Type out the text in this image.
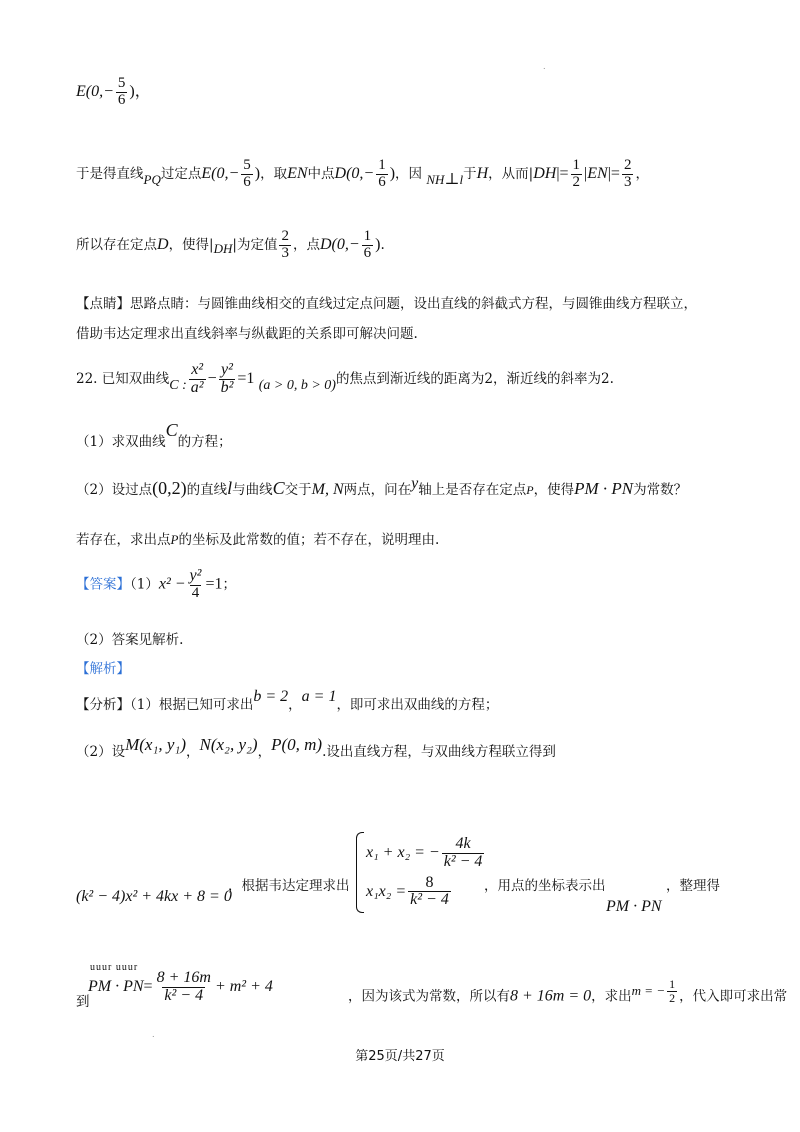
.
.
$E(0,- \frac{5}{6}$ )，
于是得直线PQ过定点$E(0,- \frac{5}{6}$ )，取EN中点$D(0,- \frac{1}{6}$ )，因 NH⊥l于H，从而$|DH|= \frac{1}{2} |EN|= \frac{2}{3}$ ，
所以存在定点D，使得|DH|为定值 $\frac{2}{3}$ ，点$D(0,- \frac{1}{6}$ ).
【点睛】思路点睛：与圆锥曲线相交的直线过定点问题，设出直线的斜截式方程，与圆锥曲线方程联立，
借助韦达定理求出直线斜率与纵截距的关系即可解决问题.
22. 已知双曲线C : $\frac{\text{x²}}{\text{a²}} - \frac{\text{y²}}{\text{b²}} =1$ (a > 0, b > 0)的焦点到渐近线的距离为2，渐近线的斜率为2.
（1）求双曲线C的方程；
（2）设过点(0,2)的直线l与曲线C交于M, N两点，问在y轴上是否存在定点P，使得PM · PN为常数？
若存在，求出点P的坐标及此常数的值；若不存在，说明理由.
【答案】$(1)x^2 - \frac{\text{y²}}{4} =1$；
（2）答案见解析.
【解析】
【分析】（1）根据已知可求出b = 2，a = 1，即可求出双曲线的方程；
（2）设M(x₁, y₁)，N(x₂, y₂)，P(0, m).设出直线方程，与双曲线方程联立得到
(k² − 4)x² + 4kx + 8 = 0
，根据韦达定理求出
x₁ + x₂ = − $\frac{4k}{\text{k² − 4}}$
$x_1x_2 = \frac{8}{\text{k² − 4}}$ ，用点的坐标表示出
PM · PN
，整理得
到
uuur uuur
PM · $PN= \frac{8 + 16m}{\text{k² − 4}} + m^2 + 4$
，因为该式为常数，所以有8 + 16m = 0，求出m = − $\frac{1}{2}$ ，代入即可求出常
第25页/共27页
